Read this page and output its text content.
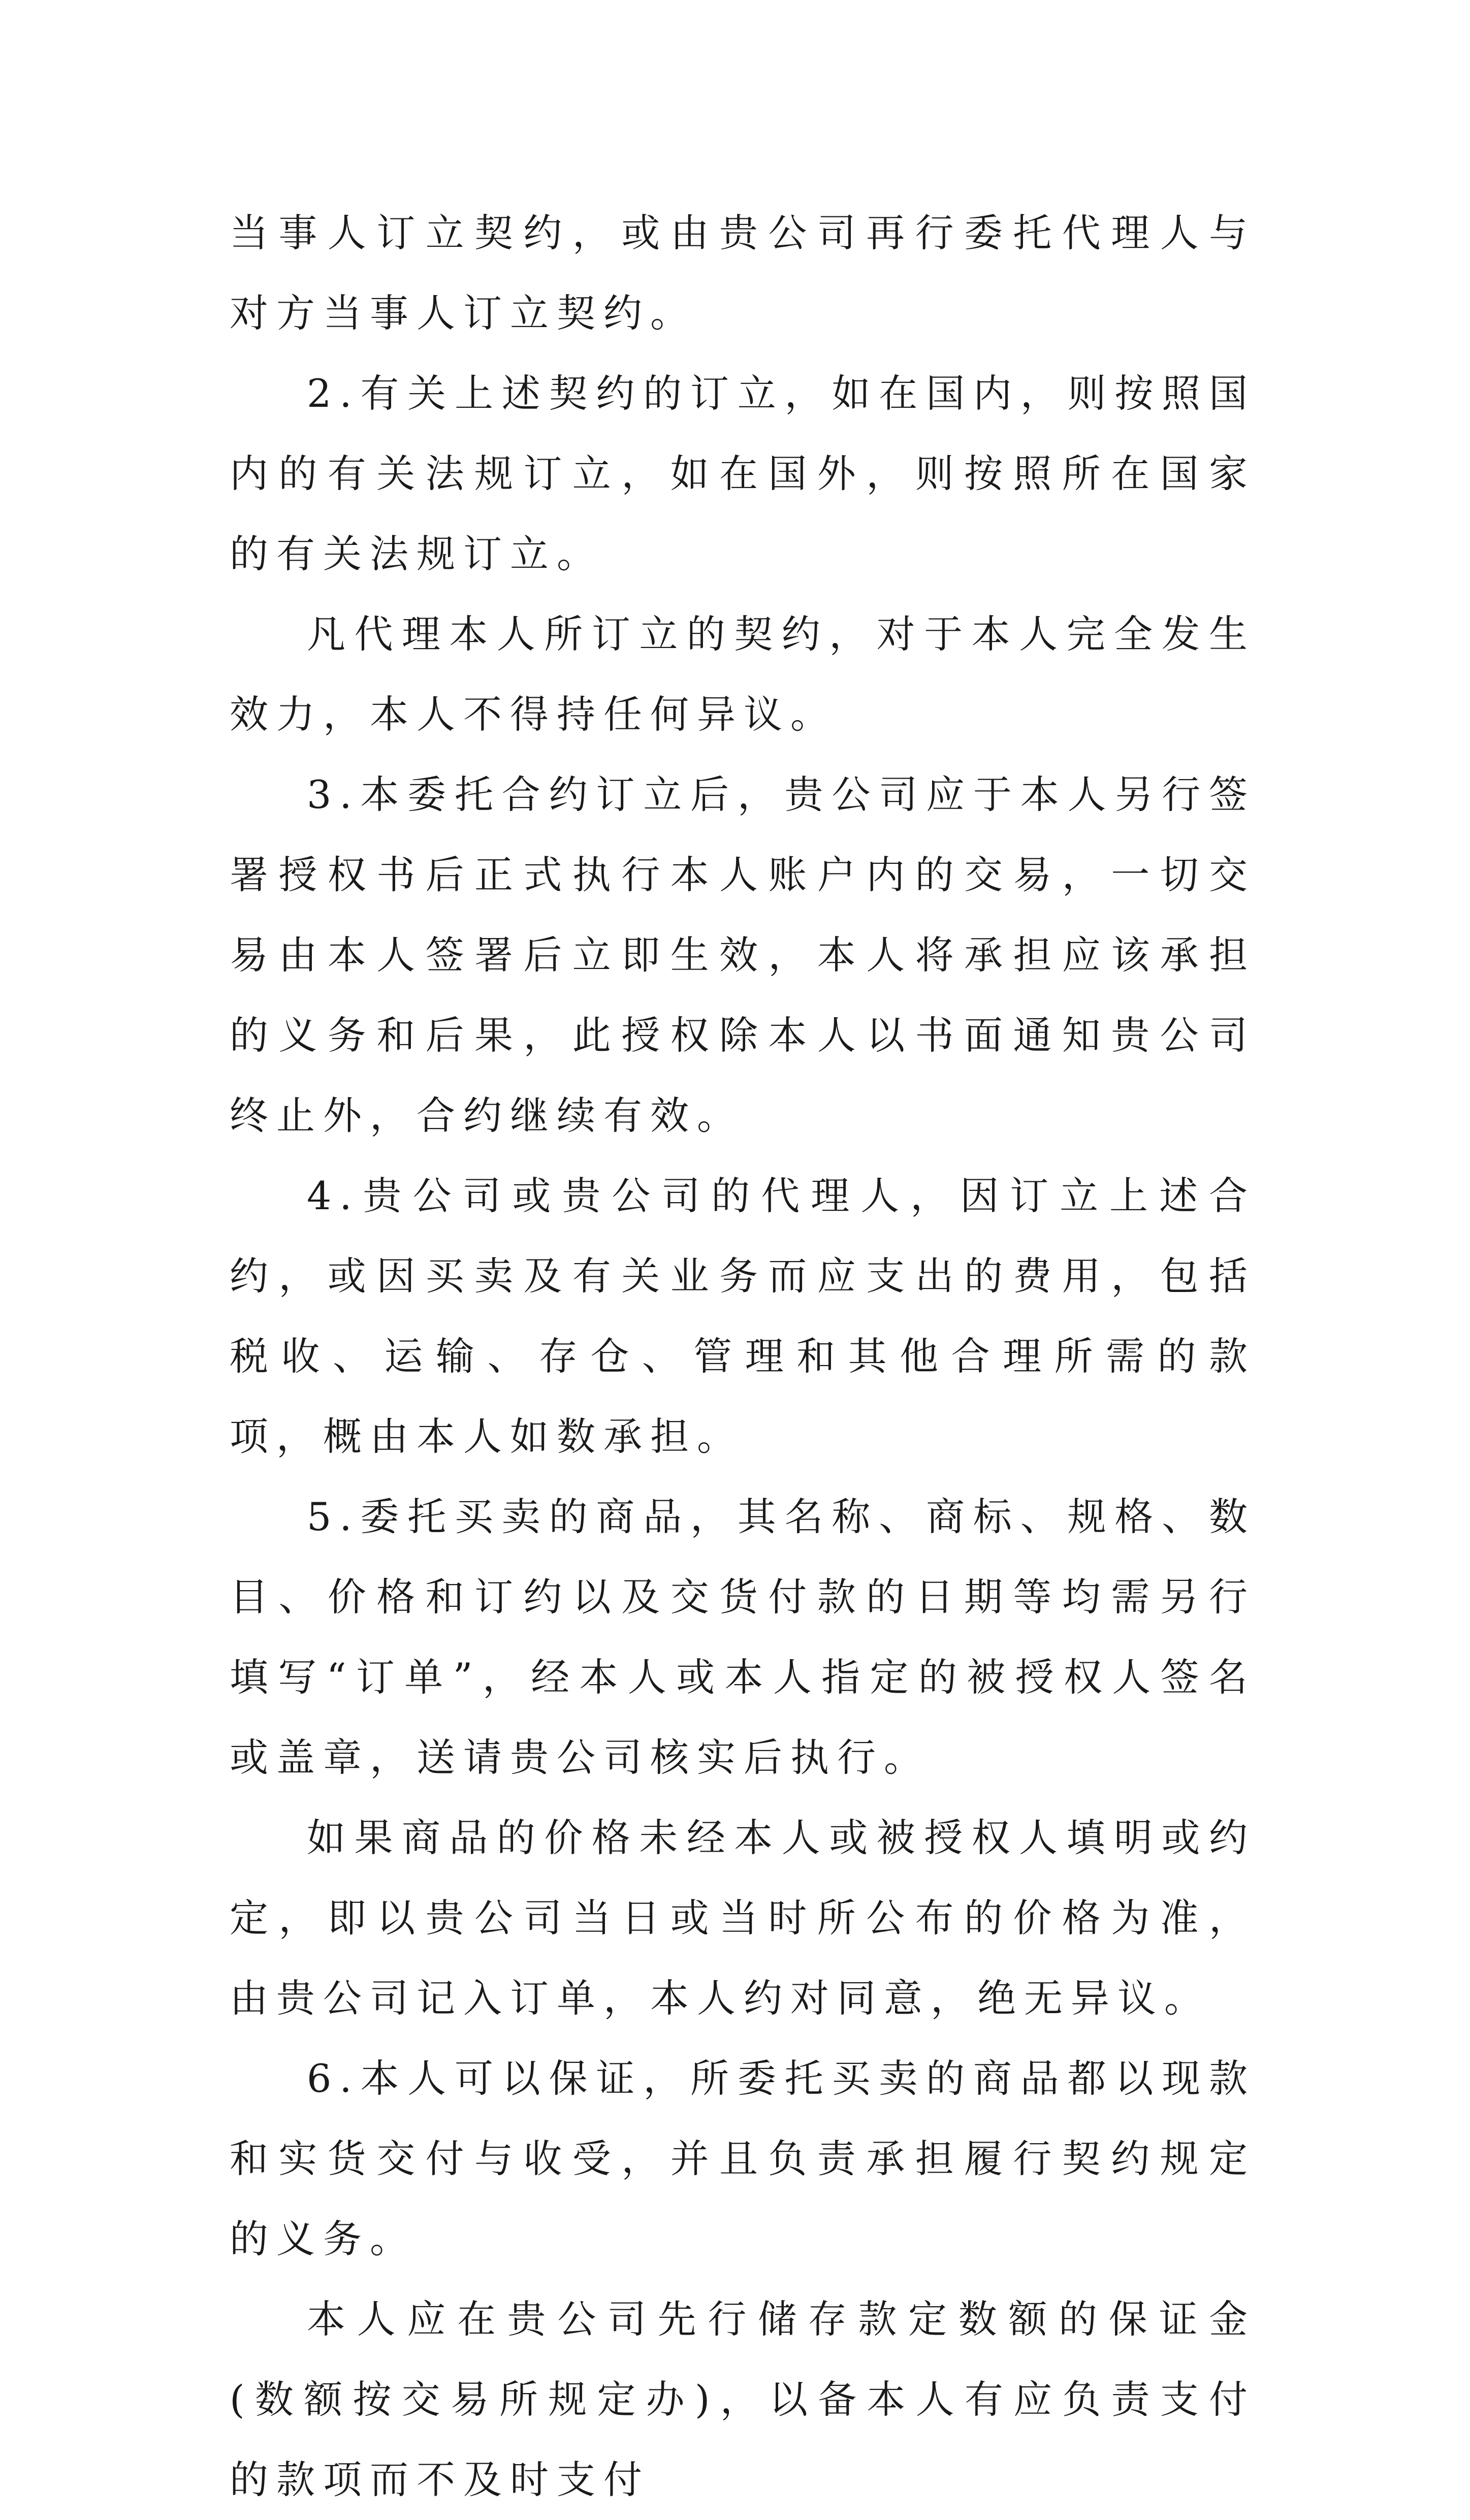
当事人订立契约，或由贵公司再行委托代理人与对方当事人订立契约。

2.有关上述契约的订立，如在国内，则按照国内的有关法规订立，如在国外，则按照所在国家的有关法规订立。

凡代理本人所订立的契约，对于本人完全发生效力，本人不得持任何异议。

3.本委托合约订立后，贵公司应于本人另行签署授权书后正式执行本人账户内的交易，一切交易由本人签署后立即生效，本人将承担应该承担的义务和后果，此授权除本人以书面通知贵公司终止外，合约继续有效。

4.贵公司或贵公司的代理人，因订立上述合约，或因买卖及有关业务而应支出的费用，包括税收、运输、存仓、管理和其他合理所需的款项，概由本人如数承担。

5.委托买卖的商品，其名称、商标、规格、数目、价格和订约以及交货付款的日期等均需另行填写“订单”，经本人或本人指定的被授权人签名或盖章，送请贵公司核实后执行。

如果商品的价格未经本人或被授权人填明或约定，即以贵公司当日或当时所公布的价格为准，由贵公司记入订单，本人约对同意，绝无异议。

6.本人可以保证，所委托买卖的商品都以现款和实货交付与收受，并且负责承担履行契约规定的义务。

本人应在贵公司先行储存款定数额的保证金(数额按交易所规定办)，以备本人有应负责支付的款项而不及时支付
